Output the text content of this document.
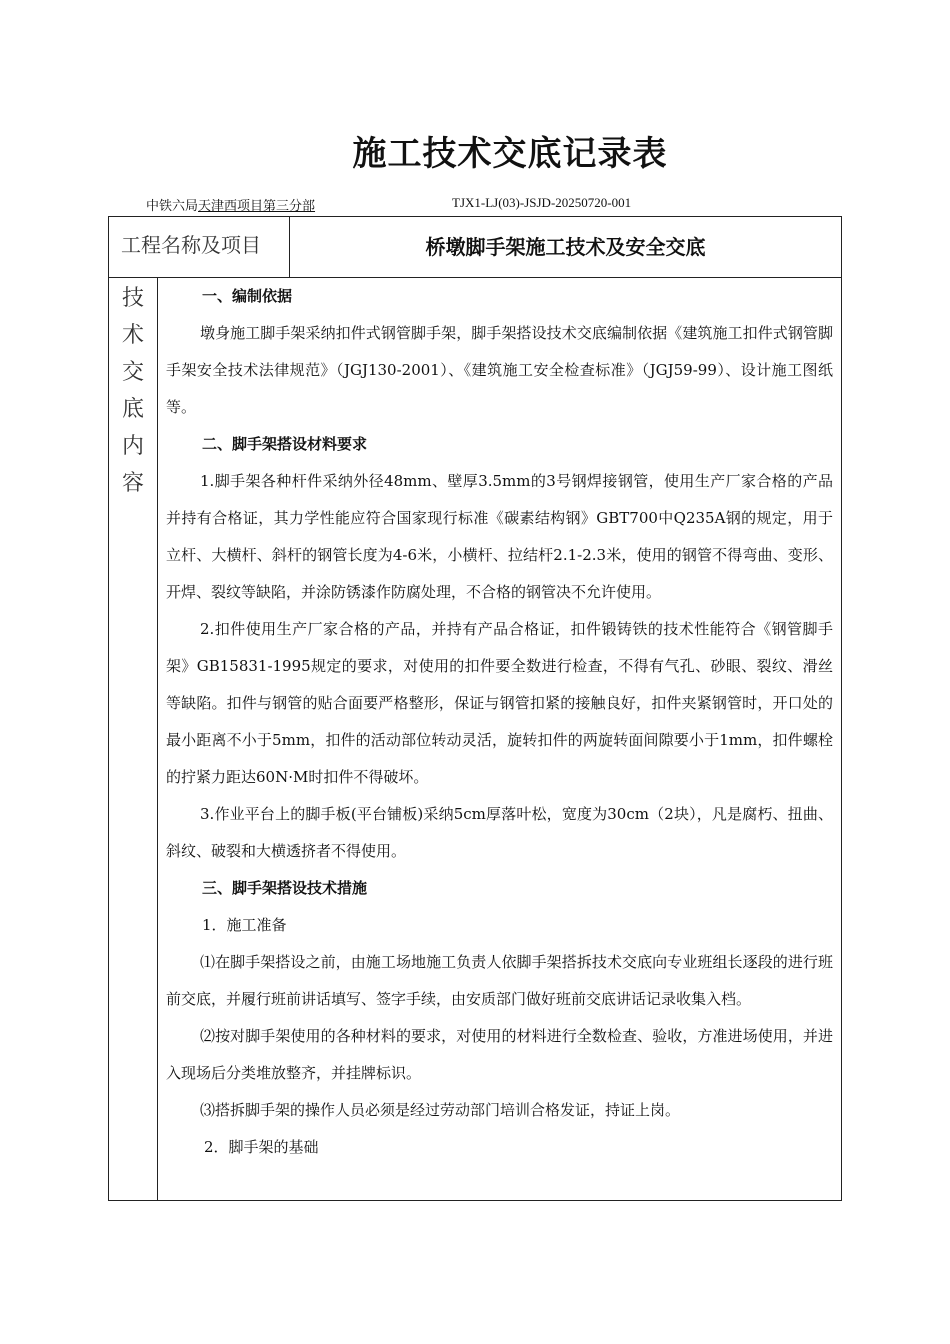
施工技术交底记录表
中铁六局天津西项目第三分部	TJX1-LJ(03)-JSJD-20250720-001
工程名称及项目	桥墩脚手架施工技术及安全交底
技
术
交
底
内
容

一、编制依据

墩身施工脚手架采纳扣件式钢管脚手架，脚手架搭设技术交底编制依据《建筑施工扣件式钢管脚手架安全技术法律规范》（JGJ130-2001）、《建筑施工安全检查标准》（JGJ59-99）、设计施工图纸等。

二、脚手架搭设材料要求

1.脚手架各种杆件采纳外径48mm、壁厚3.5mm的3号钢焊接钢管，使用生产厂家合格的产品并持有合格证，其力学性能应符合国家现行标准《碳素结构钢》GBT700中Q235A钢的规定，用于立杆、大横杆、斜杆的钢管长度为4-6米，小横杆、拉结杆2.1-2.3米，使用的钢管不得弯曲、变形、开焊、裂纹等缺陷，并涂防锈漆作防腐处理，不合格的钢管决不允许使用。

2.扣件使用生产厂家合格的产品，并持有产品合格证，扣件锻铸铁的技术性能符合《钢管脚手架》GB15831-1995规定的要求，对使用的扣件要全数进行检查，不得有气孔、砂眼、裂纹、滑丝等缺陷。扣件与钢管的贴合面要严格整形，保证与钢管扣紧的接触良好，扣件夹紧钢管时，开口处的最小距离不小于5mm，扣件的活动部位转动灵活，旋转扣件的两旋转面间隙要小于1mm，扣件螺栓的拧紧力距达60N·M时扣件不得破坏。

3.作业平台上的脚手板(平台铺板)采纳5cm厚落叶松，宽度为30cm（2块），凡是腐朽、扭曲、斜纹、破裂和大横透挤者不得使用。

三、脚手架搭设技术措施

1．施工准备

⑴在脚手架搭设之前，由施工场地施工负责人依脚手架搭拆技术交底向专业班组长逐段的进行班前交底，并履行班前讲话填写、签字手续，由安质部门做好班前交底讲话记录收集入档。

⑵按对脚手架使用的各种材料的要求，对使用的材料进行全数检查、验收，方准进场使用，并进入现场后分类堆放整齐，并挂牌标识。

⑶搭拆脚手架的操作人员必须是经过劳动部门培训合格发证，持证上岗。

2．脚手架的基础
